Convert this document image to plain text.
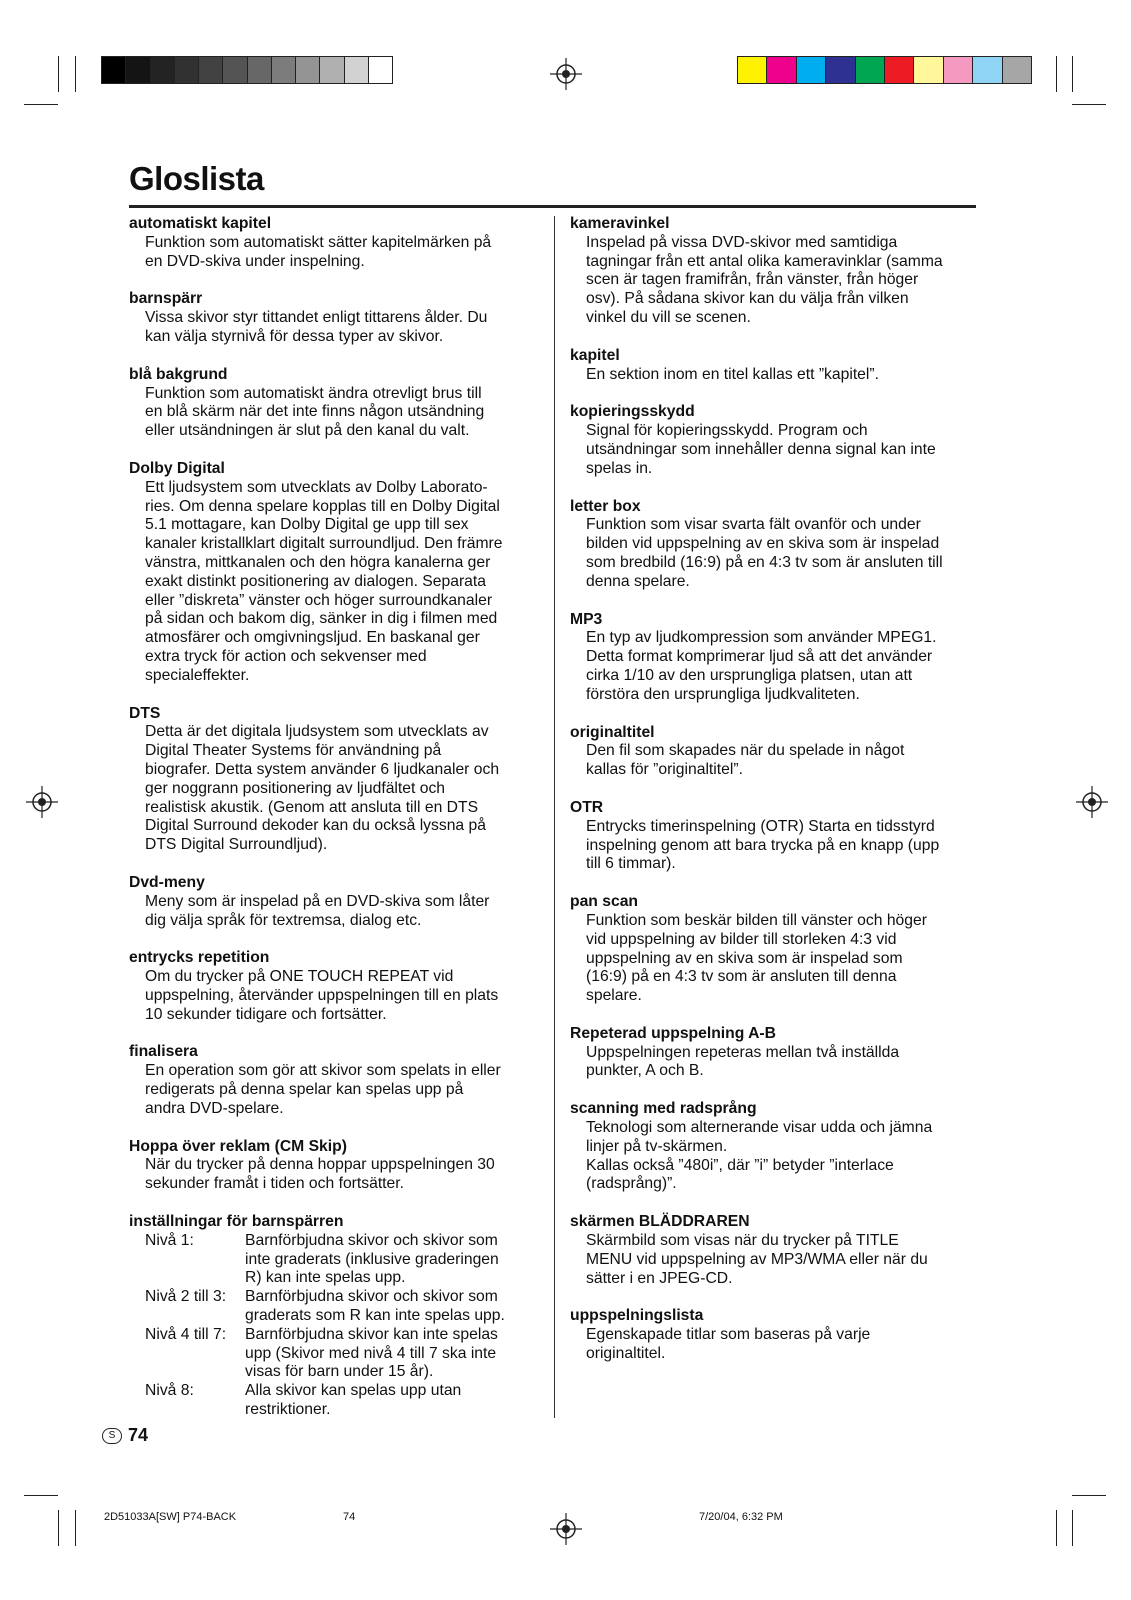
Gloslista
automatiskt kapitel

Funktion som automatiskt sätter kapitelmärken på

en DVD-skiva under inspelning.

barnspärr

Vissa skivor styr tittandet enligt tittarens ålder. Du

kan välja styrnivå för dessa typer av skivor.

blå bakgrund

Funktion som automatiskt ändra otrevligt brus till

en blå skärm när det inte finns någon utsändning

eller utsändningen är slut på den kanal du valt.

Dolby Digital

Ett ljudsystem som utvecklats av Dolby Laborato-

ries. Om denna spelare kopplas till en Dolby Digital

5.1 mottagare, kan Dolby Digital ge upp till sex

kanaler kristallklart digitalt surroundljud. Den främre

vänstra, mittkanalen och den högra kanalerna ger

exakt distinkt positionering av dialogen. Separata

eller ”diskreta” vänster och höger surroundkanaler

på sidan och bakom dig, sänker in dig i filmen med

atmosfärer och omgivningsljud. En baskanal ger

extra tryck för action och sekvenser med

specialeffekter.

DTS

Detta är det digitala ljudsystem som utvecklats av

Digital Theater Systems för användning på

biografer. Detta system använder 6 ljudkanaler och

ger noggrann positionering av ljudfältet och

realistisk akustik. (Genom att ansluta till en DTS

Digital Surround dekoder kan du också lyssna på

DTS Digital Surroundljud).

Dvd-meny

Meny som är inspelad på en DVD-skiva som låter

dig välja språk för textremsa, dialog etc.

entrycks repetition

Om du trycker på ONE TOUCH REPEAT vid

uppspelning, återvänder uppspelningen till en plats

10 sekunder tidigare och fortsätter.

finalisera

En operation som gör att skivor som spelats in eller

redigerats på denna spelar kan spelas upp på

andra DVD-spelare.

Hoppa över reklam (CM Skip)

När du trycker på denna hoppar uppspelningen 30

sekunder framåt i tiden och fortsätter.

inställningar för barnspärren
Nivå 1:	Barnförbjudna skivor och skivor som
inte graderats (inklusive graderingen
R) kan inte spelas upp.
Nivå 2 till 3:	Barnförbjudna skivor och skivor som
graderats som R kan inte spelas upp.
Nivå 4 till 7:	Barnförbjudna skivor kan inte spelas
upp (Skivor med nivå 4 till 7 ska inte
visas för barn under 15 år).
Nivå 8:	Alla skivor kan spelas upp utan
restriktioner.
kameravinkel

Inspelad på vissa DVD-skivor med samtidiga

tagningar från ett antal olika kameravinklar (samma

scen är tagen framifrån, från vänster, från höger

osv). På sådana skivor kan du välja från vilken

vinkel du vill se scenen.

kapitel

En sektion inom en titel kallas ett ”kapitel”.

kopieringsskydd

Signal för kopieringsskydd. Program och

utsändningar som innehåller denna signal kan inte

spelas in.

letter box

Funktion som visar svarta fält ovanför och under

bilden vid uppspelning av en skiva som är inspelad

som bredbild (16:9) på en 4:3 tv som är ansluten till

denna spelare.

MP3

En typ av ljudkompression som använder MPEG1.

Detta format komprimerar ljud så att det använder

cirka 1/10 av den ursprungliga platsen, utan att

förstöra den ursprungliga ljudkvaliteten.

originaltitel

Den fil som skapades när du spelade in något

kallas för ”originaltitel”.

OTR

Entrycks timerinspelning (OTR) Starta en tidsstyrd

inspelning genom att bara trycka på en knapp (upp

till 6 timmar).

pan scan

Funktion som beskär bilden till vänster och höger

vid uppspelning av bilder till storleken 4:3 vid

uppspelning av en skiva som är inspelad som

(16:9) på en 4:3 tv som är ansluten till denna

spelare.

Repeterad uppspelning A-B

Uppspelningen repeteras mellan två inställda

punkter, A och B.

scanning med radsprång

Teknologi som alternerande visar udda och jämna

linjer på tv-skärmen.

Kallas också ”480i”, där ”i” betyder ”interlace

(radsprång)”.

skärmen BLÄDDRAREN

Skärmbild som visas när du trycker på TITLE

MENU vid uppspelning av MP3/WMA eller när du

sätter i en JPEG-CD.

uppspelningslista

Egenskapade titlar som baseras på varje

originaltitel.

S 74
2D51033A[SW] P74-BACK	74	7/20/04, 6:32 PM
